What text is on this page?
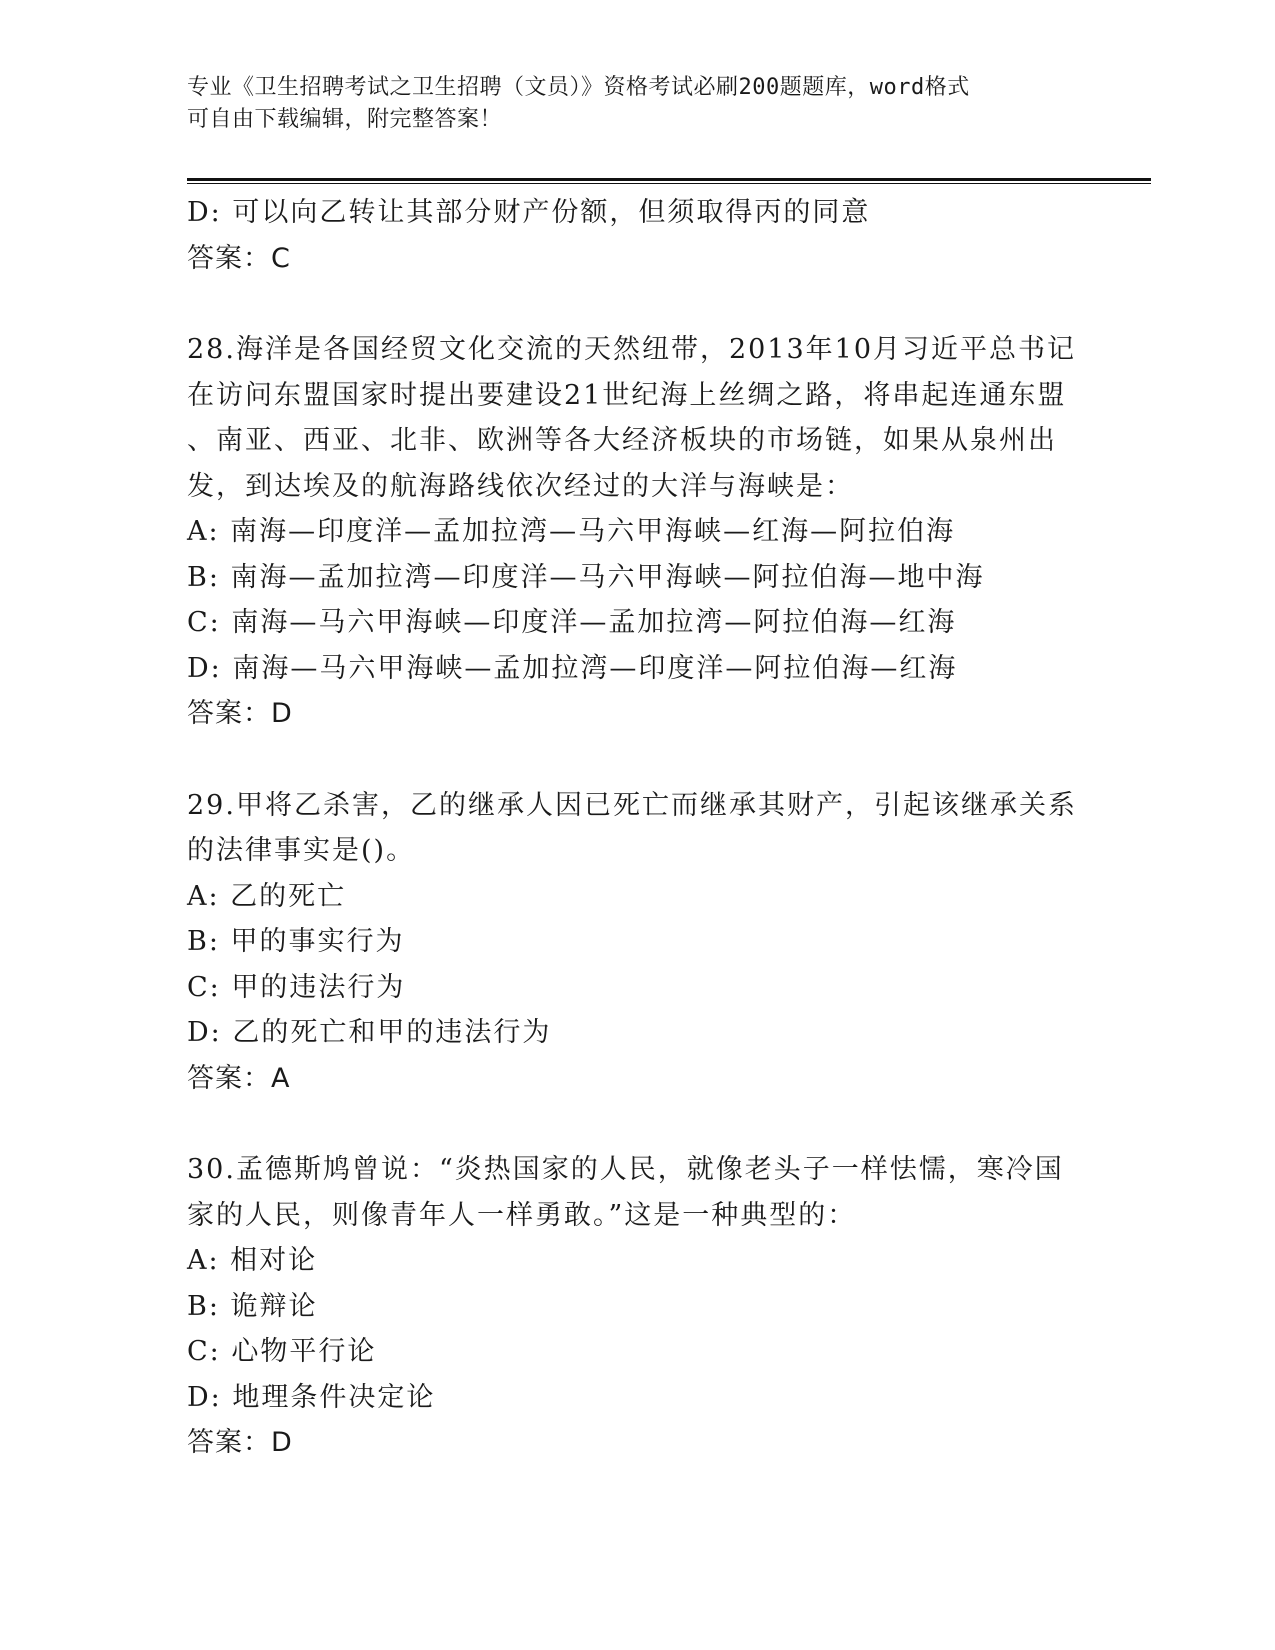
专业《卫生招聘考试之卫生招聘（文员）》资格考试必刷200题题库，word格式
可自由下载编辑，附完整答案！
D: 可以向乙转让其部分财产份额，但须取得丙的同意
答案：C
28.海洋是各国经贸文化交流的天然纽带，2013年10月习近平总书记
在访问东盟国家时提出要建设21世纪海上丝绸之路，将串起连通东盟
、南亚、西亚、北非、欧洲等各大经济板块的市场链，如果从泉州出
发，到达埃及的航海路线依次经过的大洋与海峡是：
A: 南海—印度洋—孟加拉湾—马六甲海峡—红海—阿拉伯海
B: 南海—孟加拉湾—印度洋—马六甲海峡—阿拉伯海—地中海
C: 南海—马六甲海峡—印度洋—孟加拉湾—阿拉伯海—红海
D: 南海—马六甲海峡—孟加拉湾—印度洋—阿拉伯海—红海
答案：D
29.甲将乙杀害，乙的继承人因已死亡而继承其财产，引起该继承关系
的法律事实是()。
A: 乙的死亡
B: 甲的事实行为
C: 甲的违法行为
D: 乙的死亡和甲的违法行为
答案：A
30.孟德斯鸠曾说：“炎热国家的人民，就像老头子一样怯懦，寒冷国
家的人民，则像青年人一样勇敢。”这是一种典型的：
A: 相对论
B: 诡辩论
C: 心物平行论
D: 地理条件决定论
答案：D
